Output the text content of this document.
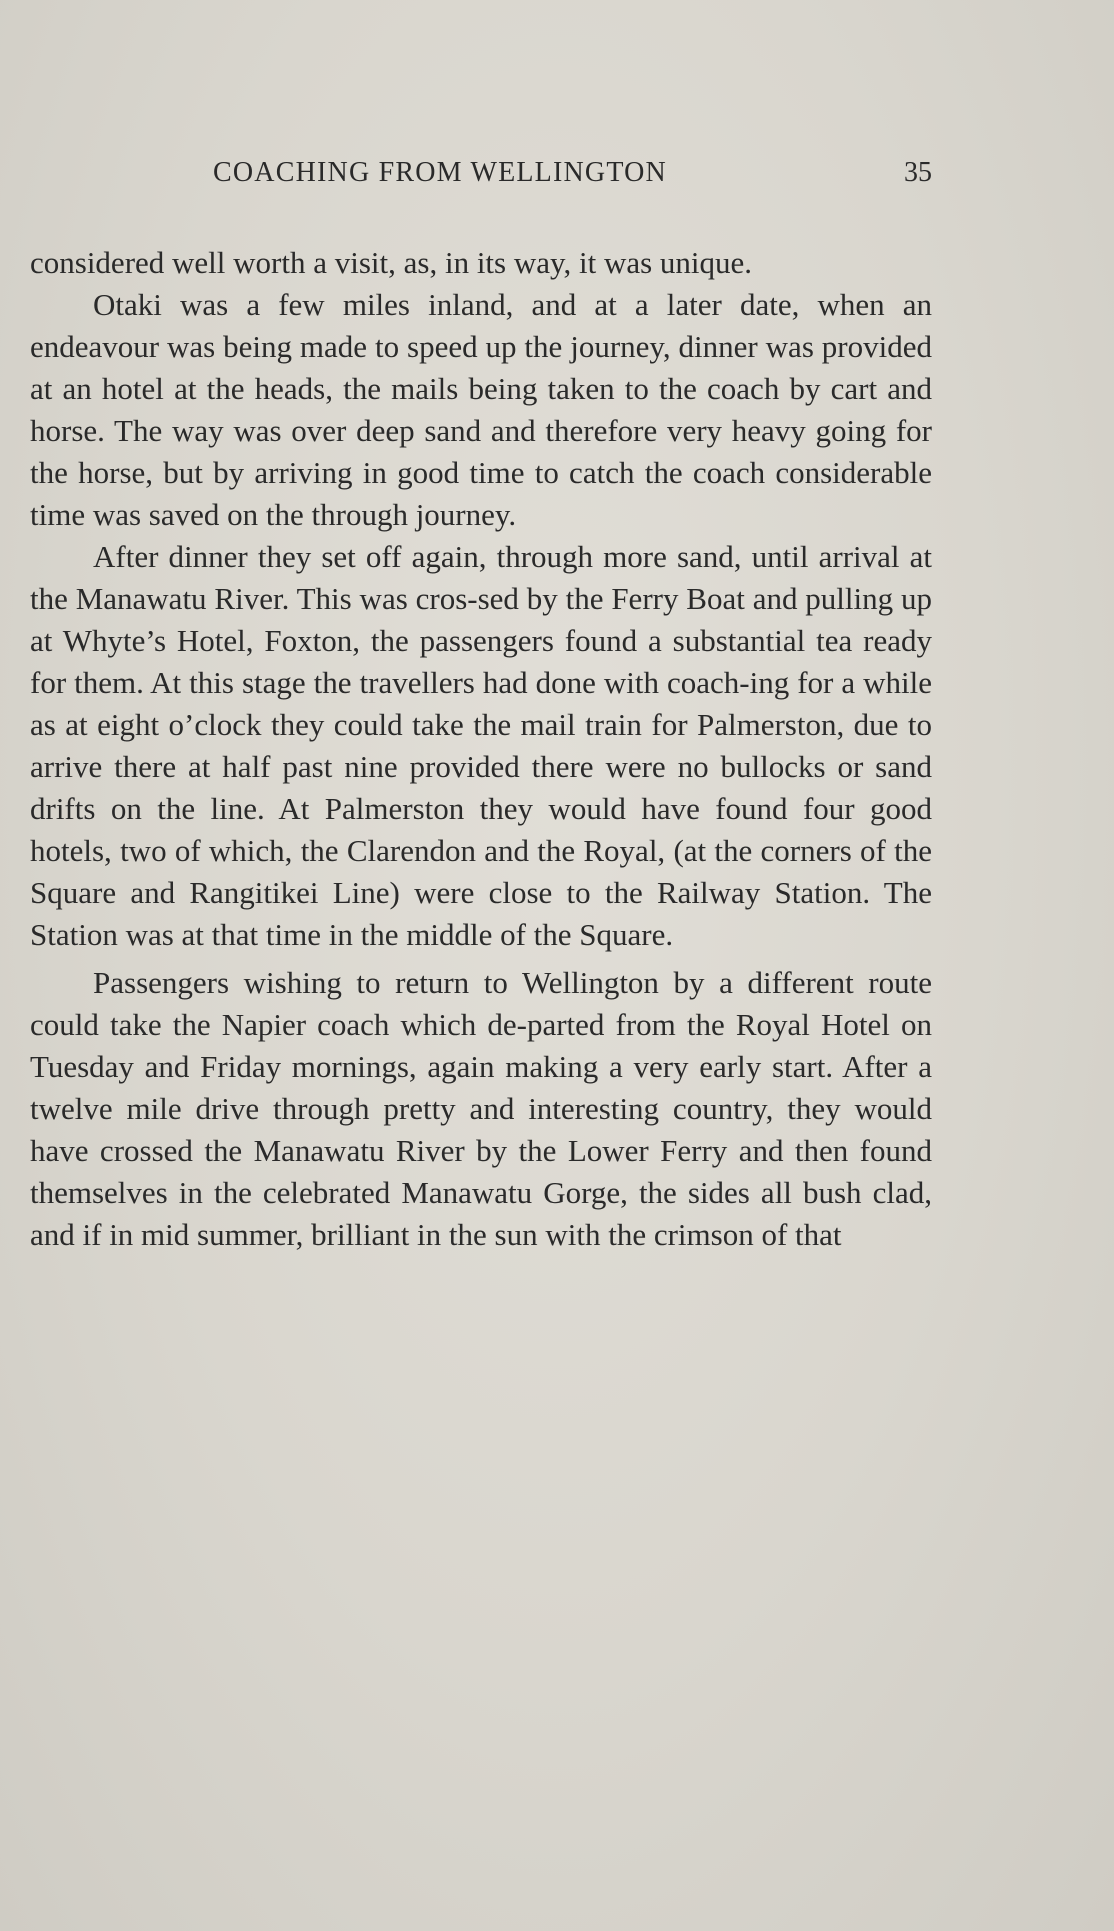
COACHING FROM WELLINGTON	35

considered well worth a visit, as, in its way, it was unique.

Otaki was a few miles inland, and at a later date, when an endeavour was being made to speed up the journey, dinner was provided at an hotel at the heads, the mails being taken to the coach by cart and horse. The way was over deep sand and therefore very heavy going for the horse, but by arriving in good time to catch the coach considerable time was saved on the through journey.

After dinner they set off again, through more sand, until arrival at the Manawatu River. This was cros-sed by the Ferry Boat and pulling up at Whyte’s Hotel, Foxton, the passengers found a substantial tea ready for them. At this stage the travellers had done with coach-ing for a while as at eight o’clock they could take the mail train for Palmerston, due to arrive there at half past nine provided there were no bullocks or sand drifts on the line. At Palmerston they would have found four good hotels, two of which, the Clarendon and the Royal, (at the corners of the Square and Rangitikei Line) were close to the Railway Station. The Station was at that time in the middle of the Square.

Passengers wishing to return to Wellington by a different route could take the Napier coach which de-parted from the Royal Hotel on Tuesday and Friday mornings, again making a very early start. After a twelve mile drive through pretty and interesting country, they would have crossed the Manawatu River by the Lower Ferry and then found themselves in the celebrated Manawatu Gorge, the sides all bush clad, and if in mid summer, brilliant in the sun with the crimson of that
